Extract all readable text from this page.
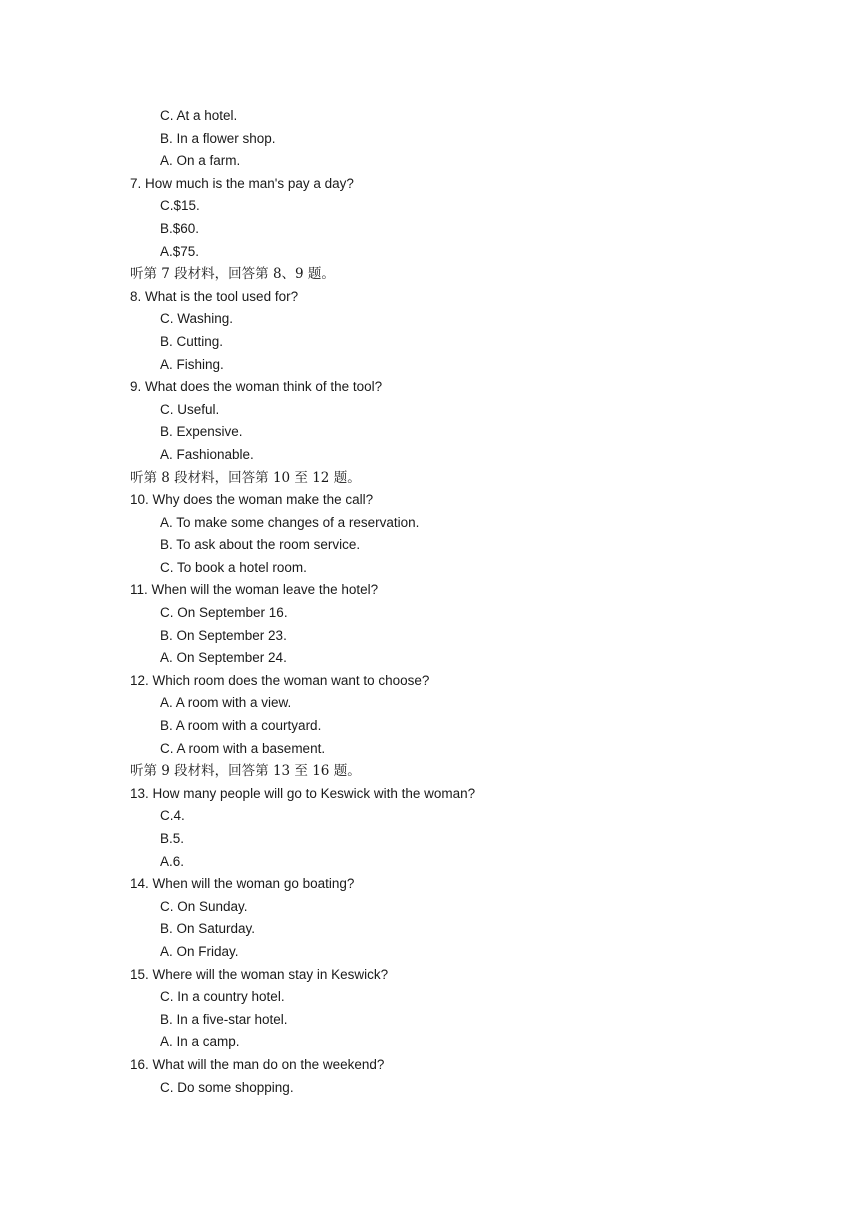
C. At a hotel.
B. In a flower shop.
A. On a farm.
7. How much is the man's pay a day?
C.$15.
B.$60.
A.$75.
听第 7 段材料，回答第 8、9 题。
8. What is the tool used for?
C. Washing.
B. Cutting.
A. Fishing.
9. What does the woman think of the tool?
C. Useful.
B. Expensive.
A. Fashionable.
听第 8 段材料，回答第 10 至 12 题。
10. Why does the woman make the call?
A. To make some changes of a reservation.
B. To ask about the room service.
C. To book a hotel room.
11. When will the woman leave the hotel?
C. On September 16.
B. On September 23.
A. On September 24.
12. Which room does the woman want to choose?
A. A room with a view.
B. A room with a courtyard.
C. A room with a basement.
听第 9 段材料，回答第 13 至 16 题。
13. How many people will go to Keswick with the woman?
C.4.
B.5.
A.6.
14. When will the woman go boating?
C. On Sunday.
B. On Saturday.
A. On Friday.
15. Where will the woman stay in Keswick?
C. In a country hotel.
B. In a five-star hotel.
A. In a camp.
16. What will the man do on the weekend?
C. Do some shopping.
